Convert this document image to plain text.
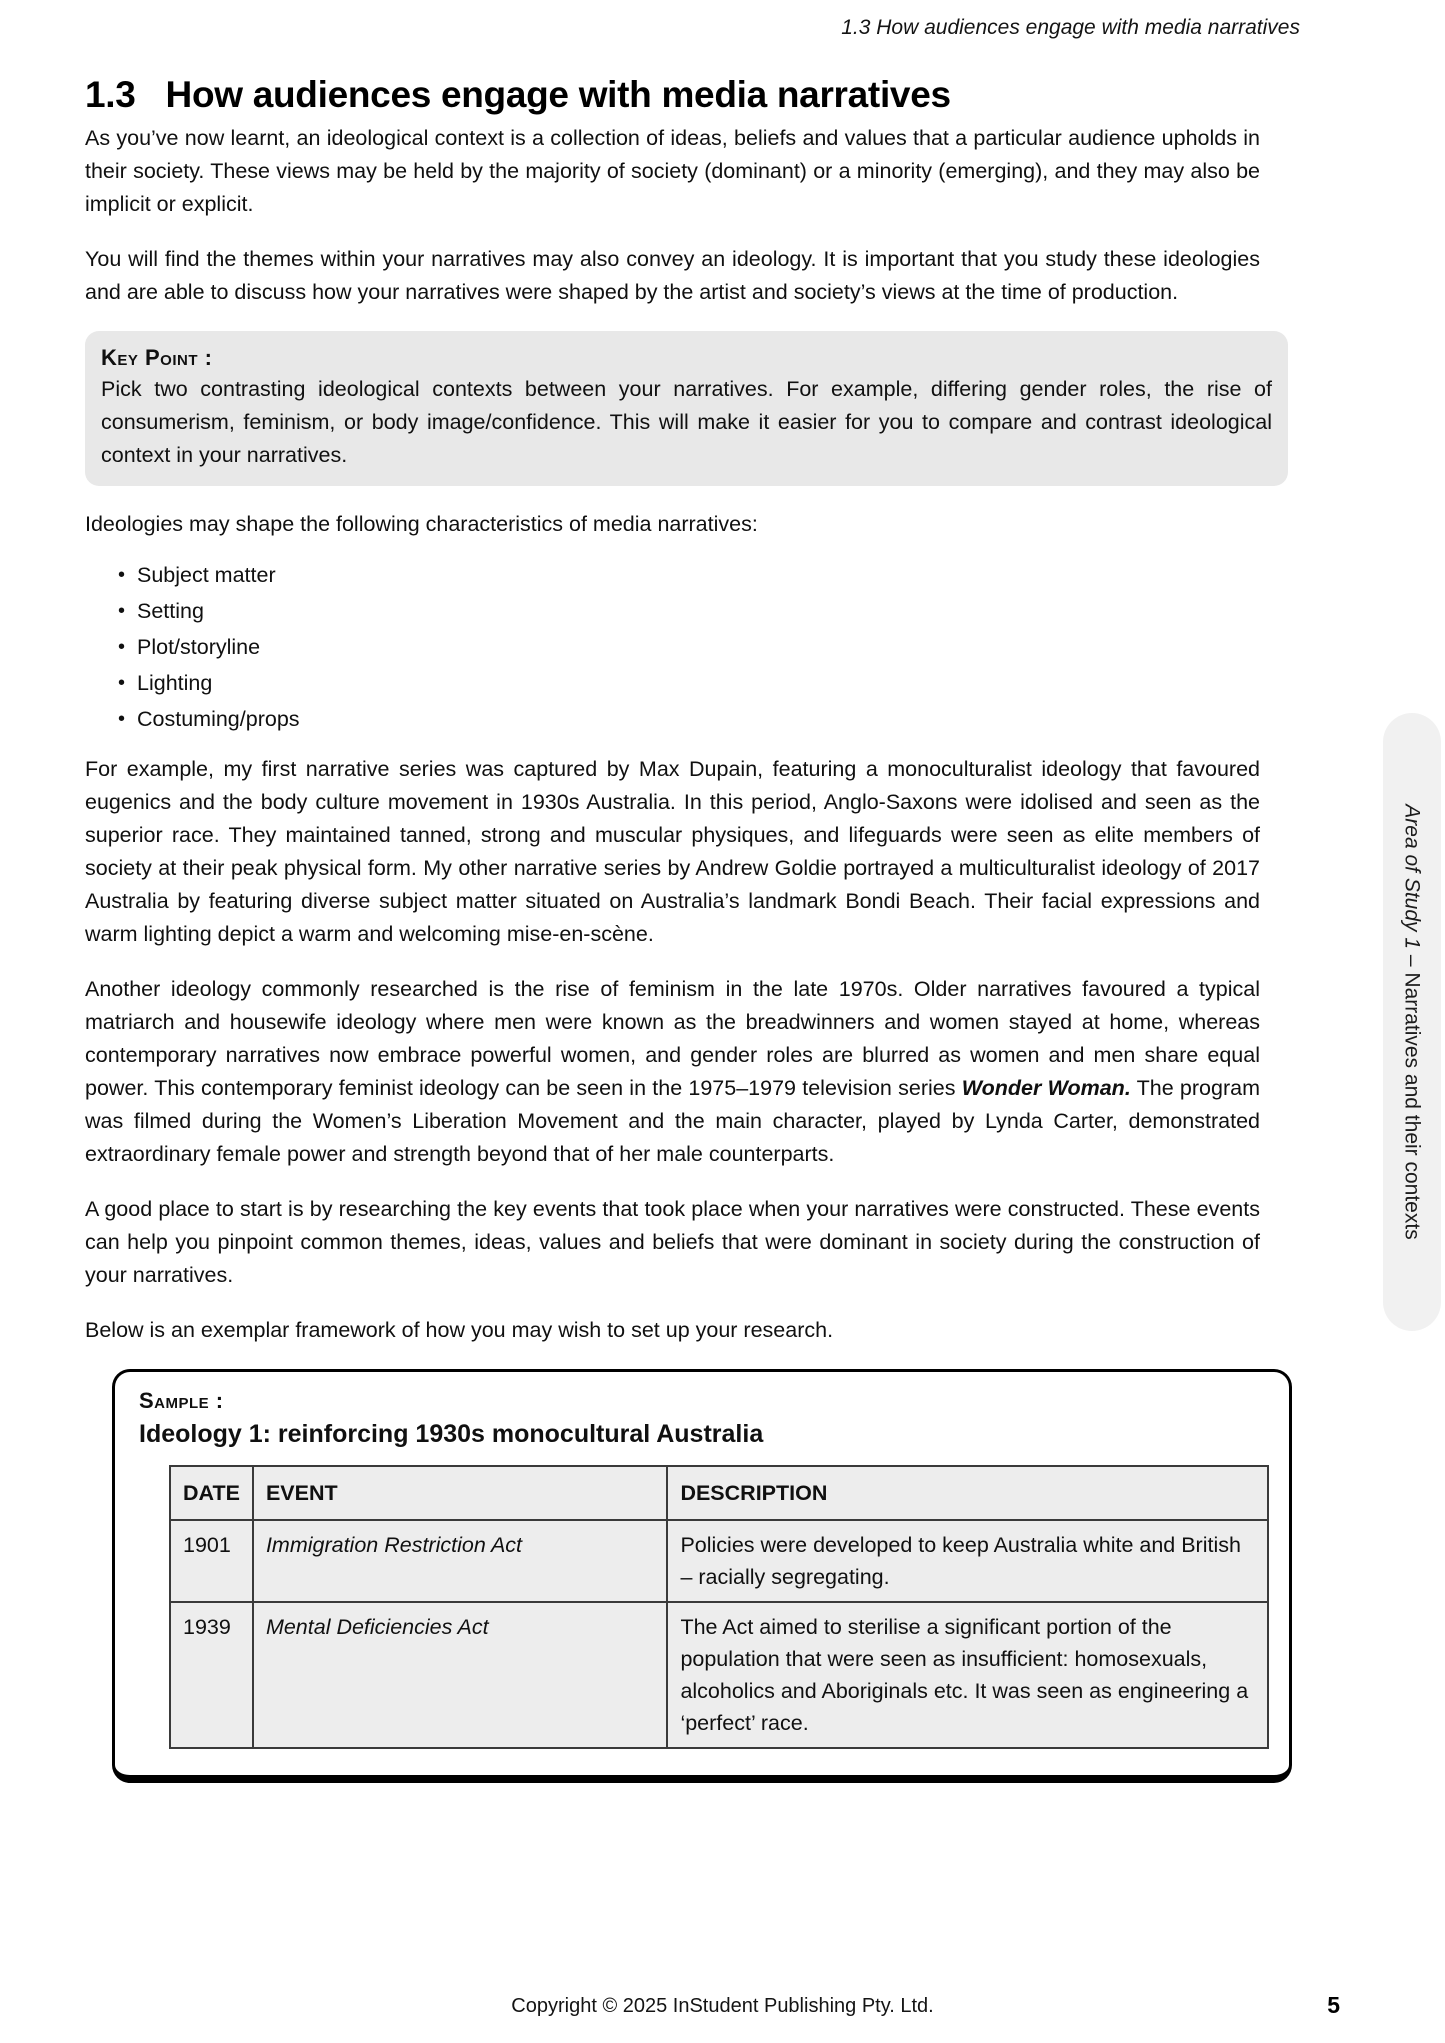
1.3 How audiences engage with media narratives
1.3 How audiences engage with media narratives

As you’ve now learnt, an ideological context is a collection of ideas, beliefs and values that a particular audience upholds in their society. These views may be held by the majority of society (dominant) or a minority (emerging), and they may also be implicit or explicit.

You will find the themes within your narratives may also convey an ideology. It is important that you study these ideologies and are able to discuss how your narratives were shaped by the artist and society’s views at the time of production.

Key Point :

Pick two contrasting ideological contexts between your narratives. For example, differing gender roles, the rise of consumerism, feminism, or body image/confidence. This will make it easier for you to compare and contrast ideological context in your narratives.

Ideologies may shape the following characteristics of media narratives:

• Subject matter
• Setting
• Plot/storyline
• Lighting
• Costuming/props

For example, my first narrative series was captured by Max Dupain, featuring a monoculturalist ideology that favoured eugenics and the body culture movement in 1930s Australia. In this period, Anglo-Saxons were idolised and seen as the superior race. They maintained tanned, strong and muscular physiques, and lifeguards were seen as elite members of society at their peak physical form. My other narrative series by Andrew Goldie portrayed a multiculturalist ideology of 2017 Australia by featuring diverse subject matter situated on Australia’s landmark Bondi Beach. Their facial expressions and warm lighting depict a warm and welcoming mise-en-scène.

Another ideology commonly researched is the rise of feminism in the late 1970s. Older narratives favoured a typical matriarch and housewife ideology where men were known as the breadwinners and women stayed at home, whereas contemporary narratives now embrace powerful women, and gender roles are blurred as women and men share equal power. This contemporary feminist ideology can be seen in the 1975–1979 television series Wonder Woman. The program was filmed during the Women’s Liberation Movement and the main character, played by Lynda Carter, demonstrated extraordinary female power and strength beyond that of her male counterparts.

A good place to start is by researching the key events that took place when your narratives were constructed. These events can help you pinpoint common themes, ideas, values and beliefs that were dominant in society during the construction of your narratives.

Below is an exemplar framework of how you may wish to set up your research.

Sample :
Ideology 1: reinforcing 1930s monocultural Australia
DATE	EVENT	DESCRIPTION
1901	Immigration Restriction Act	Policies were developed to keep Australia white and British – racially segregating.
1939	Mental Deficiencies Act	The Act aimed to sterilise a significant portion of the population that were seen as insufficient: homosexuals, alcoholics and Aboriginals etc. It was seen as engineering a ‘perfect’ race.
Area of Study 1 – Narratives and their contexts
Copyright © 2025 InStudent Publishing Pty. Ltd.	5
